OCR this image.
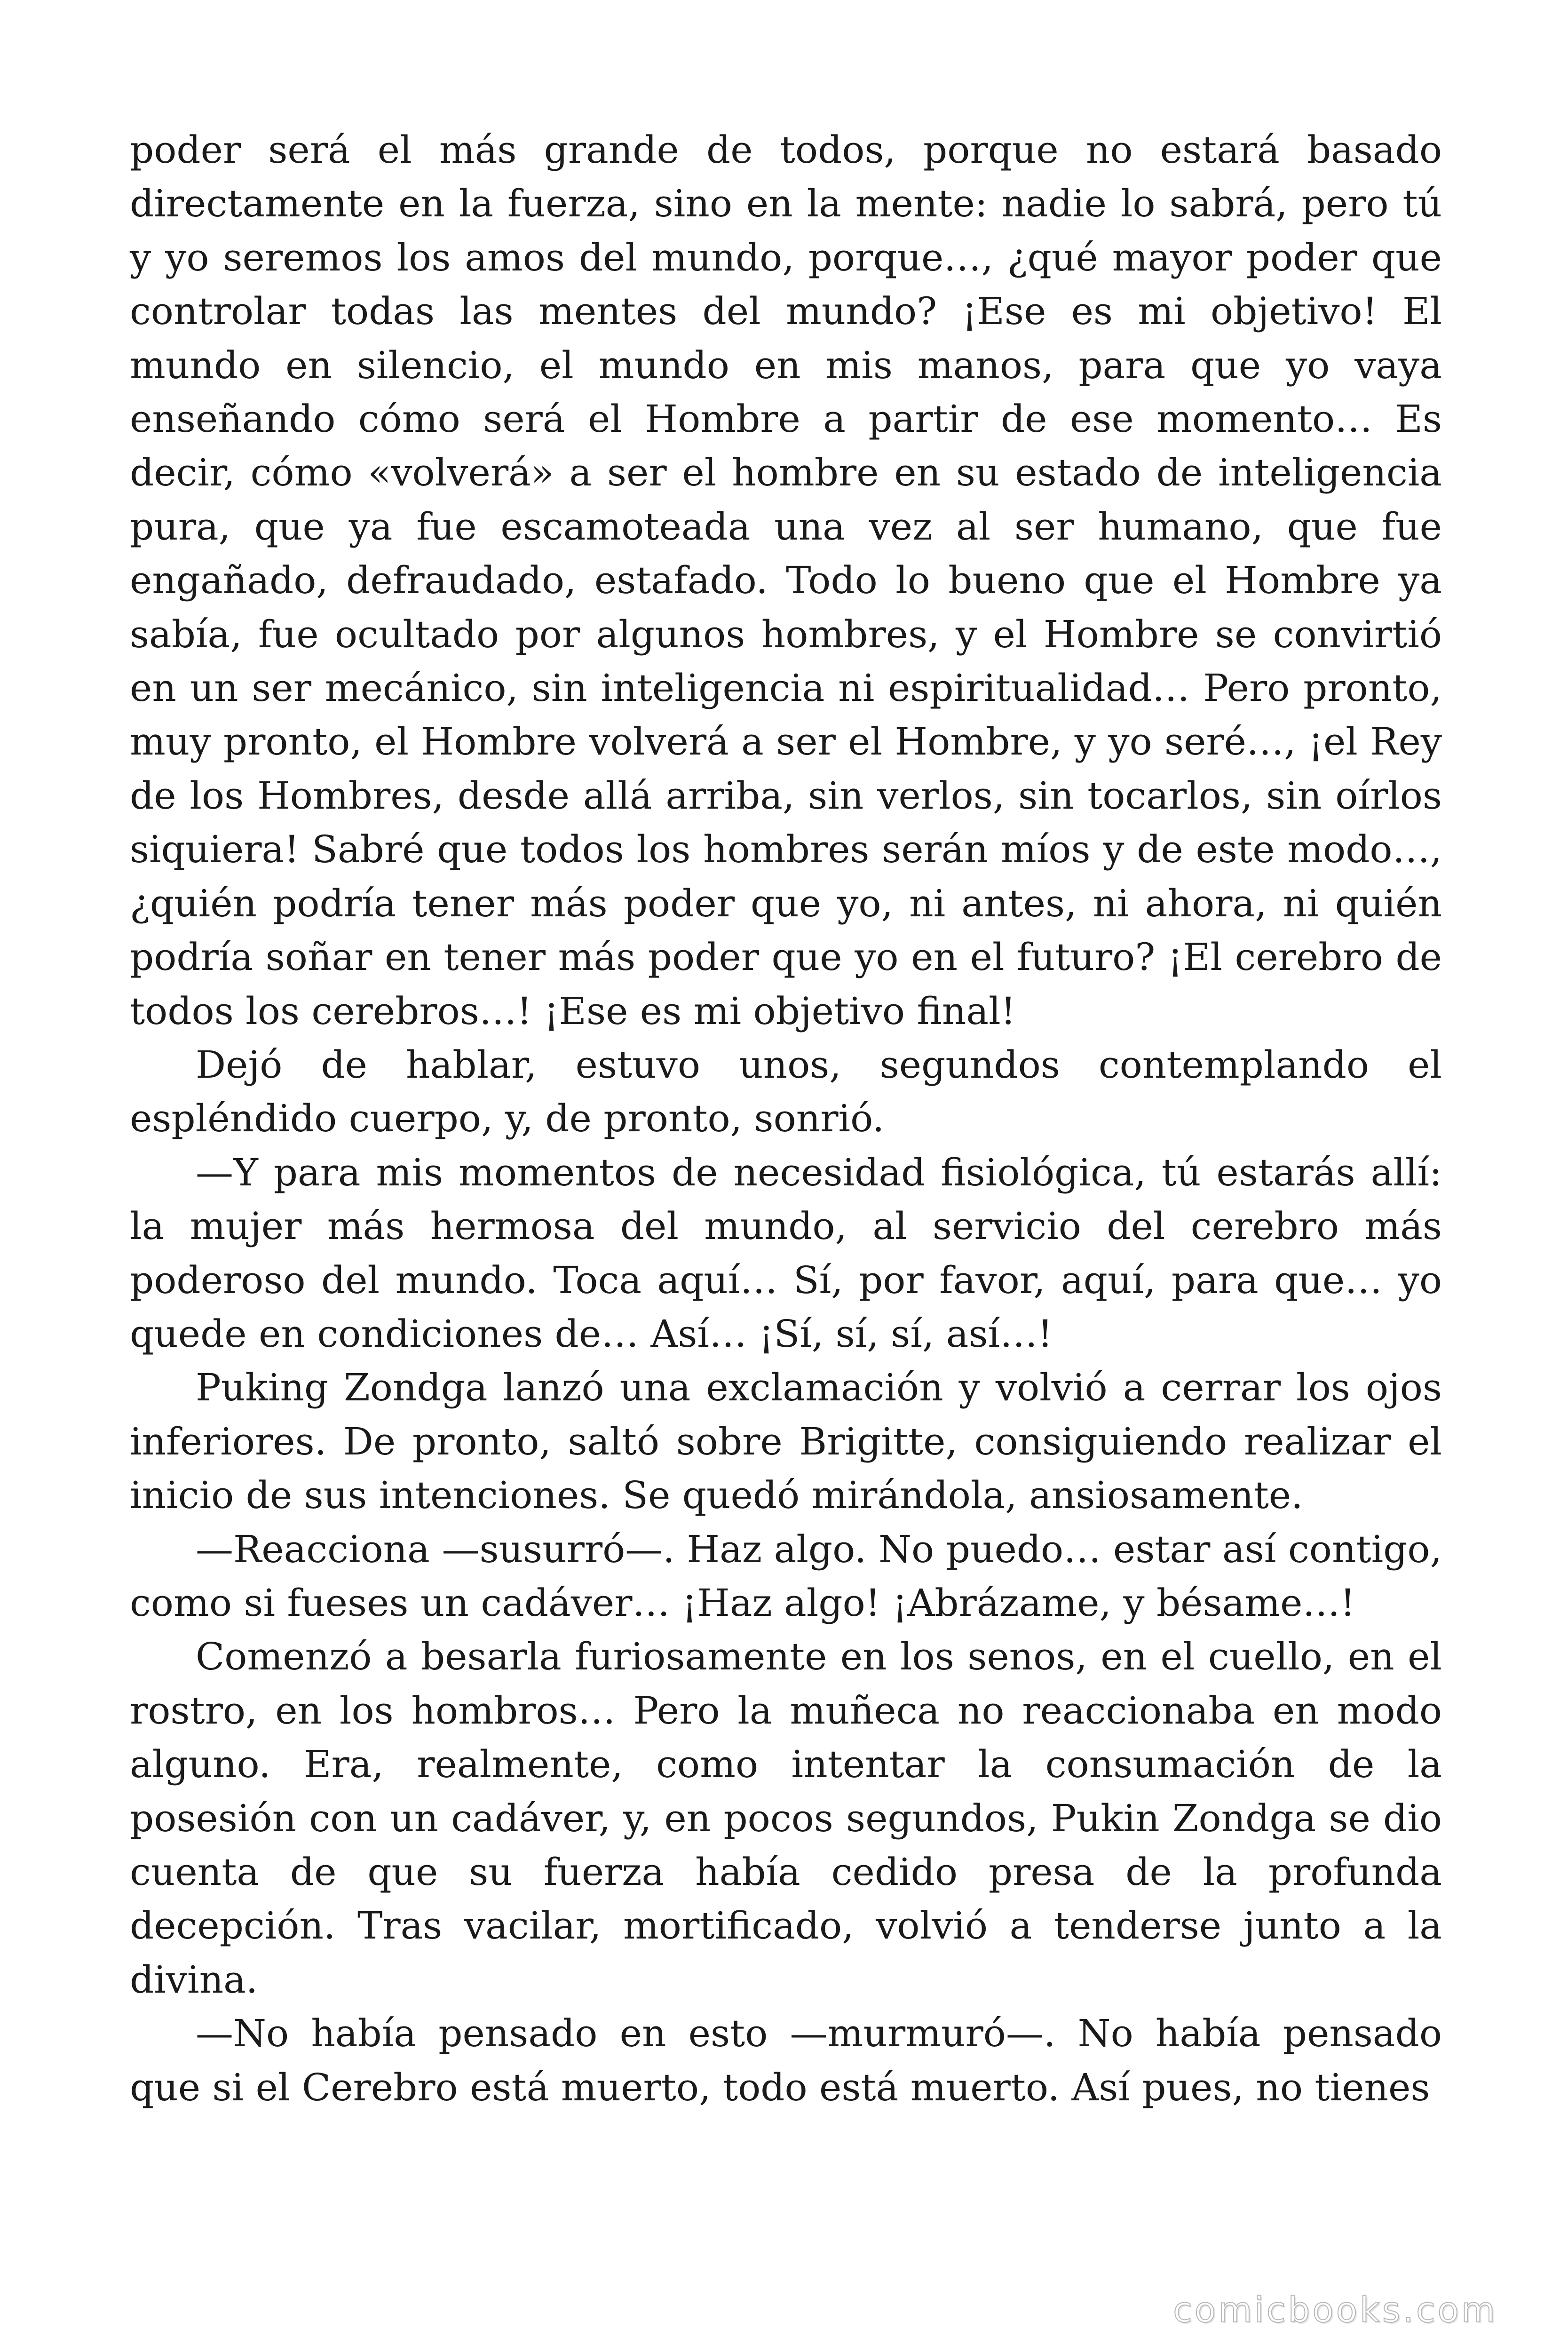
poder será el más grande de todos, porque no estará basado directamente en la fuerza, sino en la mente: nadie lo sabrá, pero tú y yo seremos los amos del mundo, porque…, ¿qué mayor poder que controlar todas las mentes del mundo? ¡Ese es mi objetivo! El mundo en silencio, el mundo en mis manos, para que yo vaya enseñando cómo será el Hombre a partir de ese momento… Es decir, cómo «volverá» a ser el hombre en su estado de inteligencia pura, que ya fue escamoteada una vez al ser humano, que fue engañado, defraudado, estafado. Todo lo bueno que el Hombre ya sabía, fue ocultado por algunos hombres, y el Hombre se convirtió en un ser mecánico, sin inteligencia ni espiritualidad… Pero pronto, muy pronto, el Hombre volverá a ser el Hombre, y yo seré…, ¡el Rey de los Hombres, desde allá arriba, sin verlos, sin tocarlos, sin oírlos siquiera! Sabré que todos los hombres serán míos y de este modo…, ¿quién podría tener más poder que yo, ni antes, ni ahora, ni quién podría soñar en tener más poder que yo en el futuro? ¡El cerebro de todos los cerebros…! ¡Ese es mi objetivo final!

Dejó de hablar, estuvo unos, segundos contemplando el espléndido cuerpo, y, de pronto, sonrió.

—Y para mis momentos de necesidad fisiológica, tú estarás allí: la mujer más hermosa del mundo, al servicio del cerebro más poderoso del mundo. Toca aquí… Sí, por favor, aquí, para que… yo quede en condiciones de… Así… ¡Sí, sí, sí, así…!

Puking Zondga lanzó una exclamación y volvió a cerrar los ojos inferiores. De pronto, saltó sobre Brigitte, consiguiendo realizar el inicio de sus intenciones. Se quedó mirándola, ansiosamente.

—Reacciona —susurró—. Haz algo. No puedo… estar así contigo, como si fueses un cadáver… ¡Haz algo! ¡Abrázame, y bésame…!

Comenzó a besarla furiosamente en los senos, en el cuello, en el rostro, en los hombros… Pero la muñeca no reaccionaba en modo alguno. Era, realmente, como intentar la consumación de la posesión con un cadáver, y, en pocos segundos, Pukin Zondga se dio cuenta de que su fuerza había cedido presa de la profunda decepción. Tras vacilar, mortificado, volvió a tenderse junto a la divina.

—No había pensado en esto —murmuró—. No había pensado que si el Cerebro está muerto, todo está muerto. Así pues, no tienes

comicbooks.com
